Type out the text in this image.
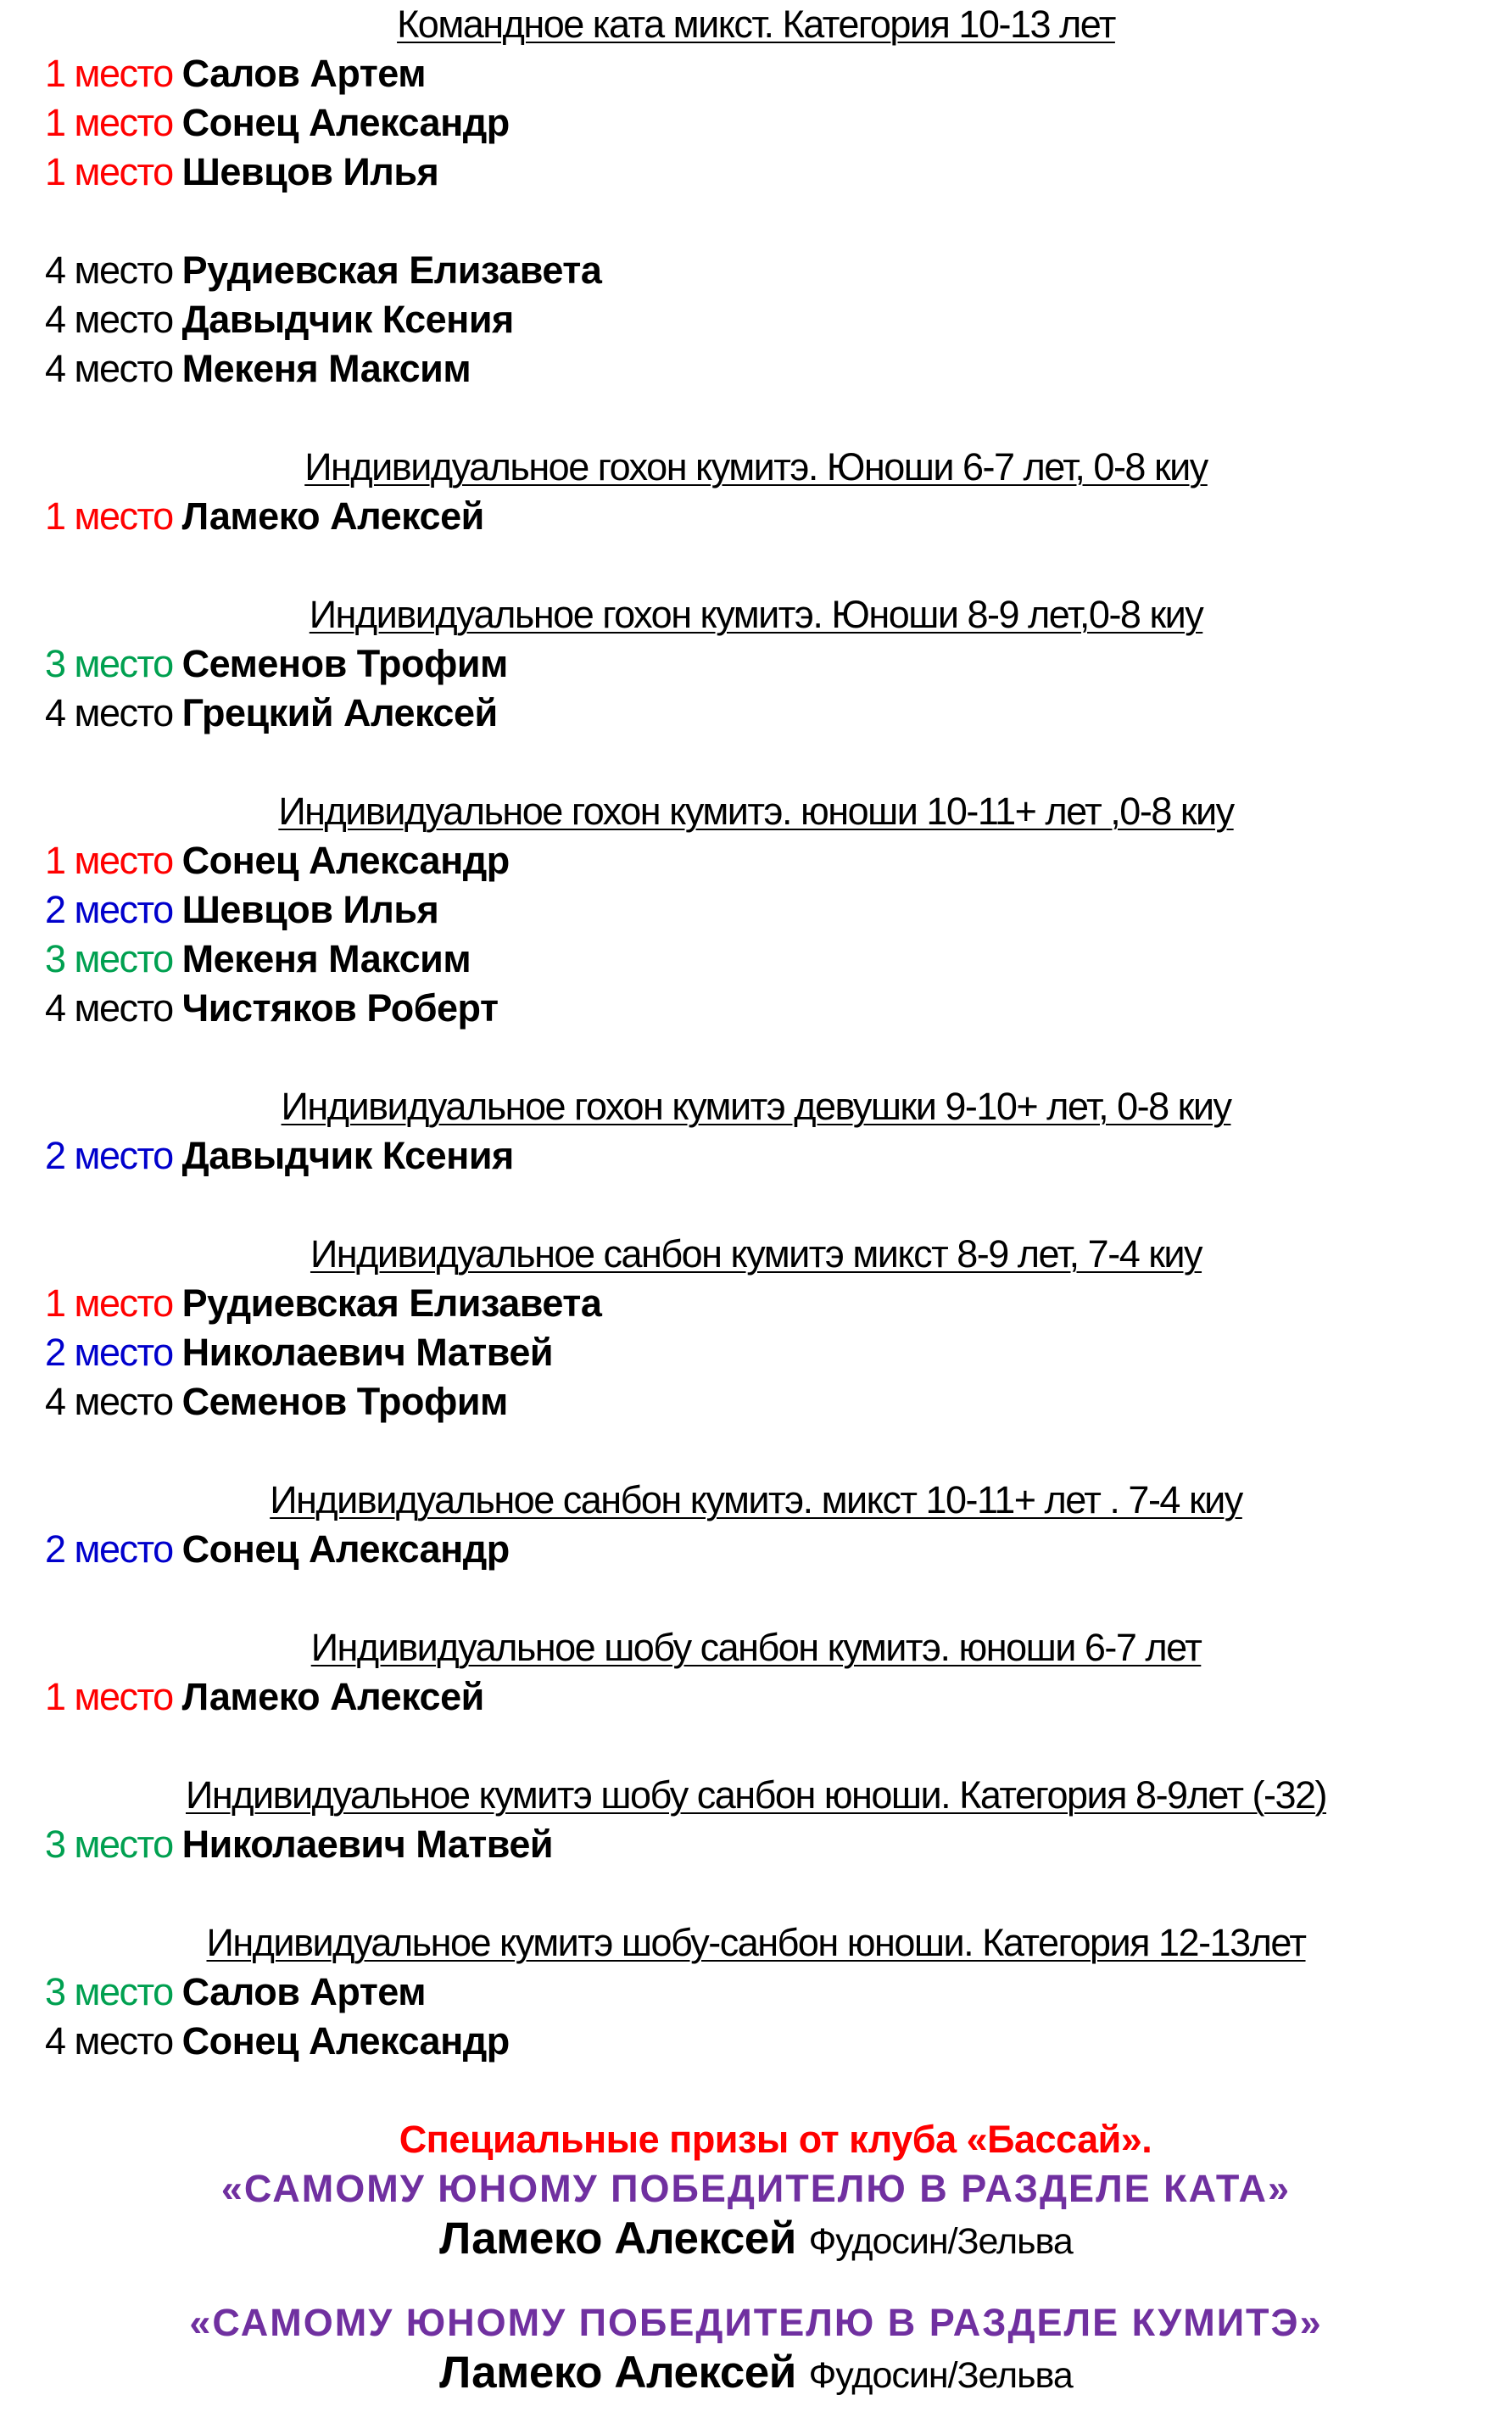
Командное ката микст. Категория 10-13 лет
1 место Салов Артем
1 место Сонец Александр
1 место Шевцов Илья
4 место Рудиевская Елизавета
4 место Давыдчик Ксения
4 место Мекеня Максим
Индивидуальное гохон кумитэ. Юноши 6-7 лет, 0-8 киу
1 место Ламеко Алексей
Индивидуальное гохон кумитэ. Юноши 8-9 лет,0-8 киу
3 место Семенов Трофим
4 место Грецкий Алексей
Индивидуальное гохон кумитэ. юноши 10-11+ лет ,0-8 киу
1 место Сонец Александр
2 место Шевцов Илья
3 место Мекеня Максим
4 место Чистяков Роберт
Индивидуальное гохон кумитэ девушки 9-10+ лет, 0-8 киу
2 место Давыдчик Ксения
Индивидуальное санбон кумитэ микст 8-9 лет, 7-4 киу
1 место Рудиевская Елизавета
2 место Николаевич Матвей
4 место Семенов Трофим
Индивидуальное санбон кумитэ. микст 10-11+ лет . 7-4 киу
2 место Сонец Александр
Индивидуальное шобу санбон кумитэ. юноши 6-7 лет
1 место Ламеко Алексей
Индивидуальное кумитэ шобу санбон юноши. Категория 8-9лет (-32)
3 место Николаевич Матвей
Индивидуальное кумитэ шобу-санбон юноши. Категория 12-13лет
3 место Салов Артем
4 место Сонец Александр
Специальные призы от клуба «Бассай».
«САМОМУ ЮНОМУ ПОБЕДИТЕЛЮ В РАЗДЕЛЕ КАТА»
Ламеко Алексей Фудосин/Зельва
«САМОМУ ЮНОМУ ПОБЕДИТЕЛЮ В РАЗДЕЛЕ КУМИТЭ»
Ламеко Алексей Фудосин/Зельва
